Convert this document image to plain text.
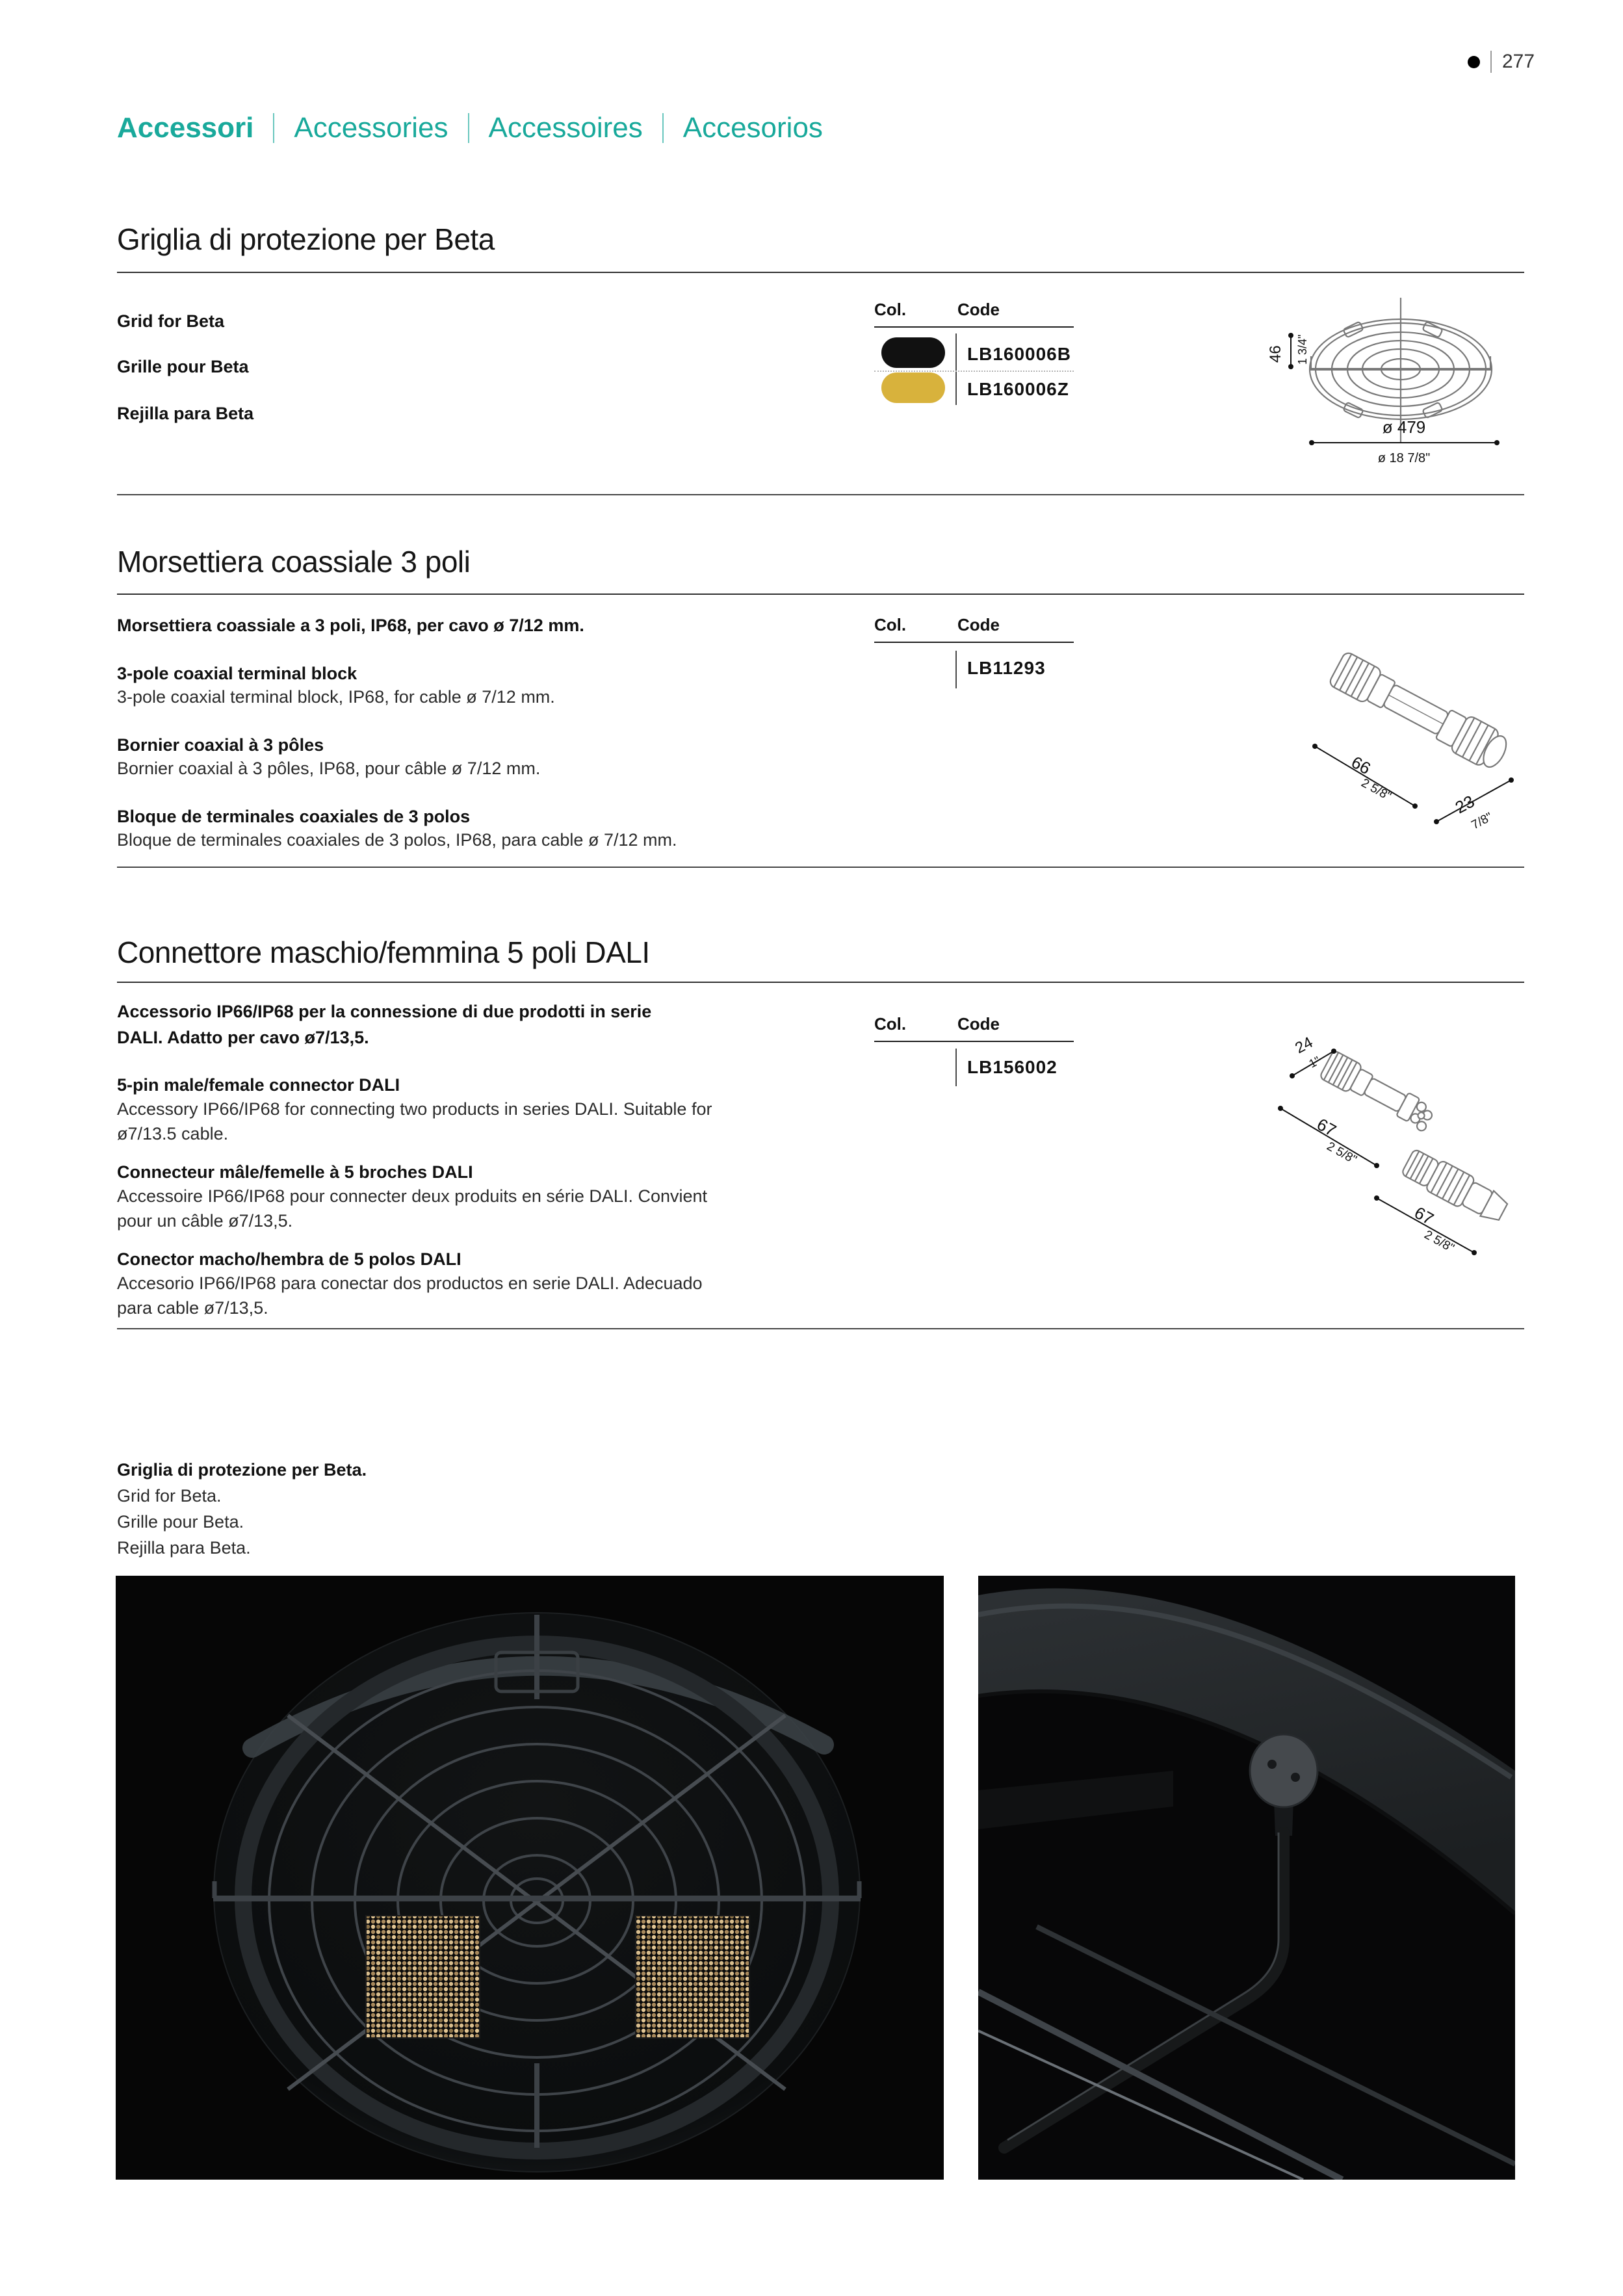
277
Accessori Accessories Accessoires Accesorios
Griglia di protezione per Beta
Grid for Beta
Grille pour Beta
Rejilla para Beta
Col.	Code
LB160006B
LB160006Z
46 1 3/4"
ø 479
ø 18 7/8"
Morsettiera coassiale 3 poli
Morsettiera coassiale a 3 poli, IP68, per cavo ø 7/12 mm.
3-pole coaxial terminal block
3-pole coaxial terminal block, IP68, for cable ø 7/12 mm.
Bornier coaxial à 3 pôles
Bornier coaxial à 3 pôles, IP68, pour câble ø 7/12 mm.
Bloque de terminales coaxiales de 3 polos
Bloque de terminales coaxiales de 3 polos, IP68, para cable ø 7/12 mm.
Col.	Code
LB11293
66
2 5/8"
23
7/8"
Connettore maschio/femmina 5 poli DALI
Accessorio IP66/IP68 per la connessione di due prodotti in serie
DALI. Adatto per cavo ø7/13,5.
5-pin male/female connector DALI
Accessory IP66/IP68 for connecting two products in series DALI. Suitable for
ø7/13.5 cable.
Connecteur mâle/femelle à 5 broches DALI
Accessoire IP66/IP68 pour connecter deux produits en série DALI. Convient
pour un câble ø7/13,5.
Conector macho/hembra de 5 polos DALI
Accesorio IP66/IP68 para conectar dos productos en serie DALI. Adecuado
para cable ø7/13,5.
Col.	Code
LB156002
24
1"
67
2 5/8"
67
2 5/8"
Griglia di protezione per Beta.
Grid for Beta.
Grille pour Beta.
Rejilla para Beta.
